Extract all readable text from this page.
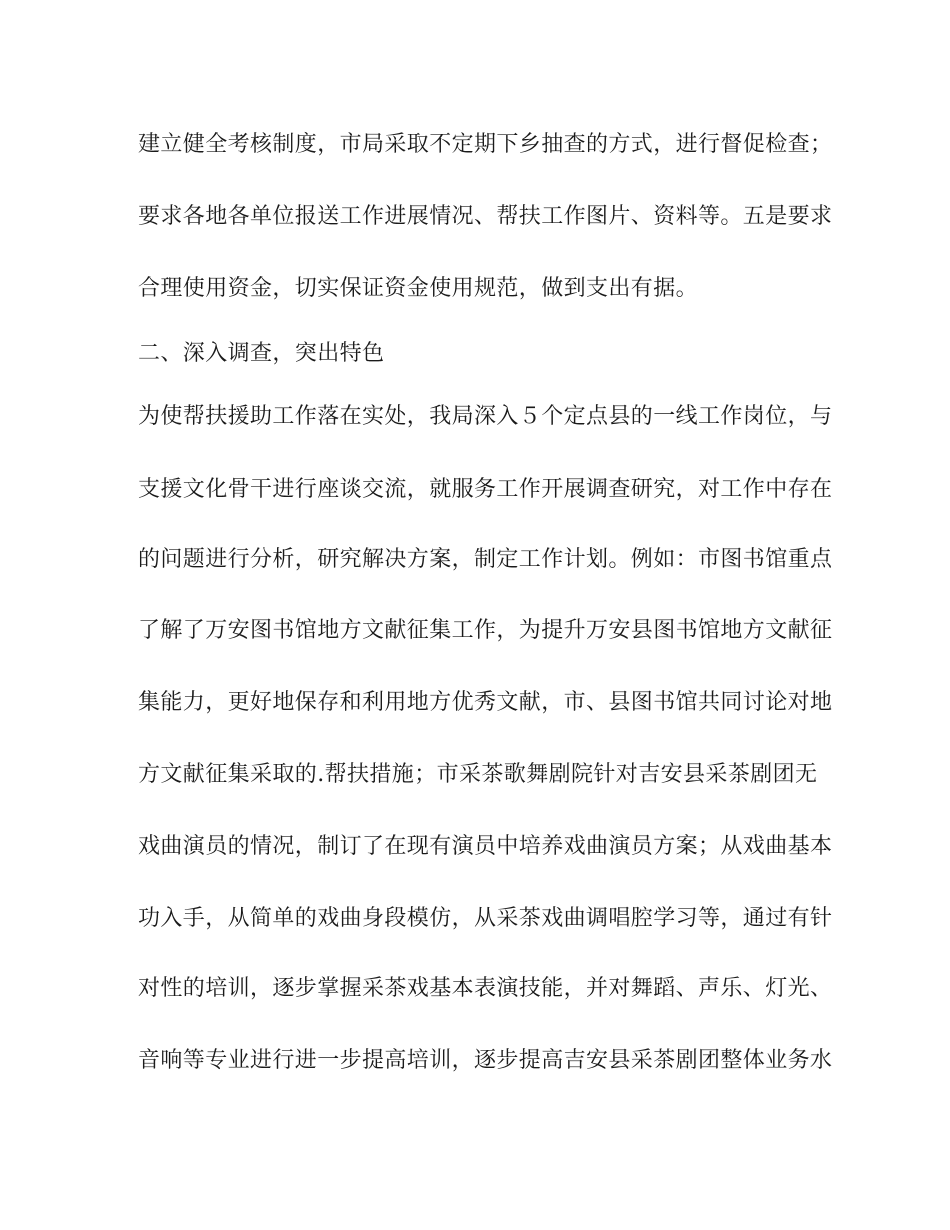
建立健全考核制度，市局采取不定期下乡抽查的方式，进行督促检查；
要求各地各单位报送工作进展情况、帮扶工作图片、资料等。五是要求
合理使用资金，切实保证资金使用规范，做到支出有据。
二、深入调查，突出特色
为使帮扶援助工作落在实处，我局深入５个定点县的一线工作岗位，与
支援文化骨干进行座谈交流，就服务工作开展调查研究，对工作中存在
的问题进行分析，研究解决方案，制定工作计划。例如：市图书馆重点
了解了万安图书馆地方文献征集工作，为提升万安县图书馆地方文献征
集能力，更好地保存和利用地方优秀文献，市、县图书馆共同讨论对地
方文献征集采取的.帮扶措施；市采茶歌舞剧院针对吉安县采茶剧团无
戏曲演员的情况，制订了在现有演员中培养戏曲演员方案；从戏曲基本
功入手，从简单的戏曲身段模仿，从采茶戏曲调唱腔学习等，通过有针
对性的培训，逐步掌握采茶戏基本表演技能，并对舞蹈、声乐、灯光、
音响等专业进行进一步提高培训，逐步提高吉安县采茶剧团整体业务水
